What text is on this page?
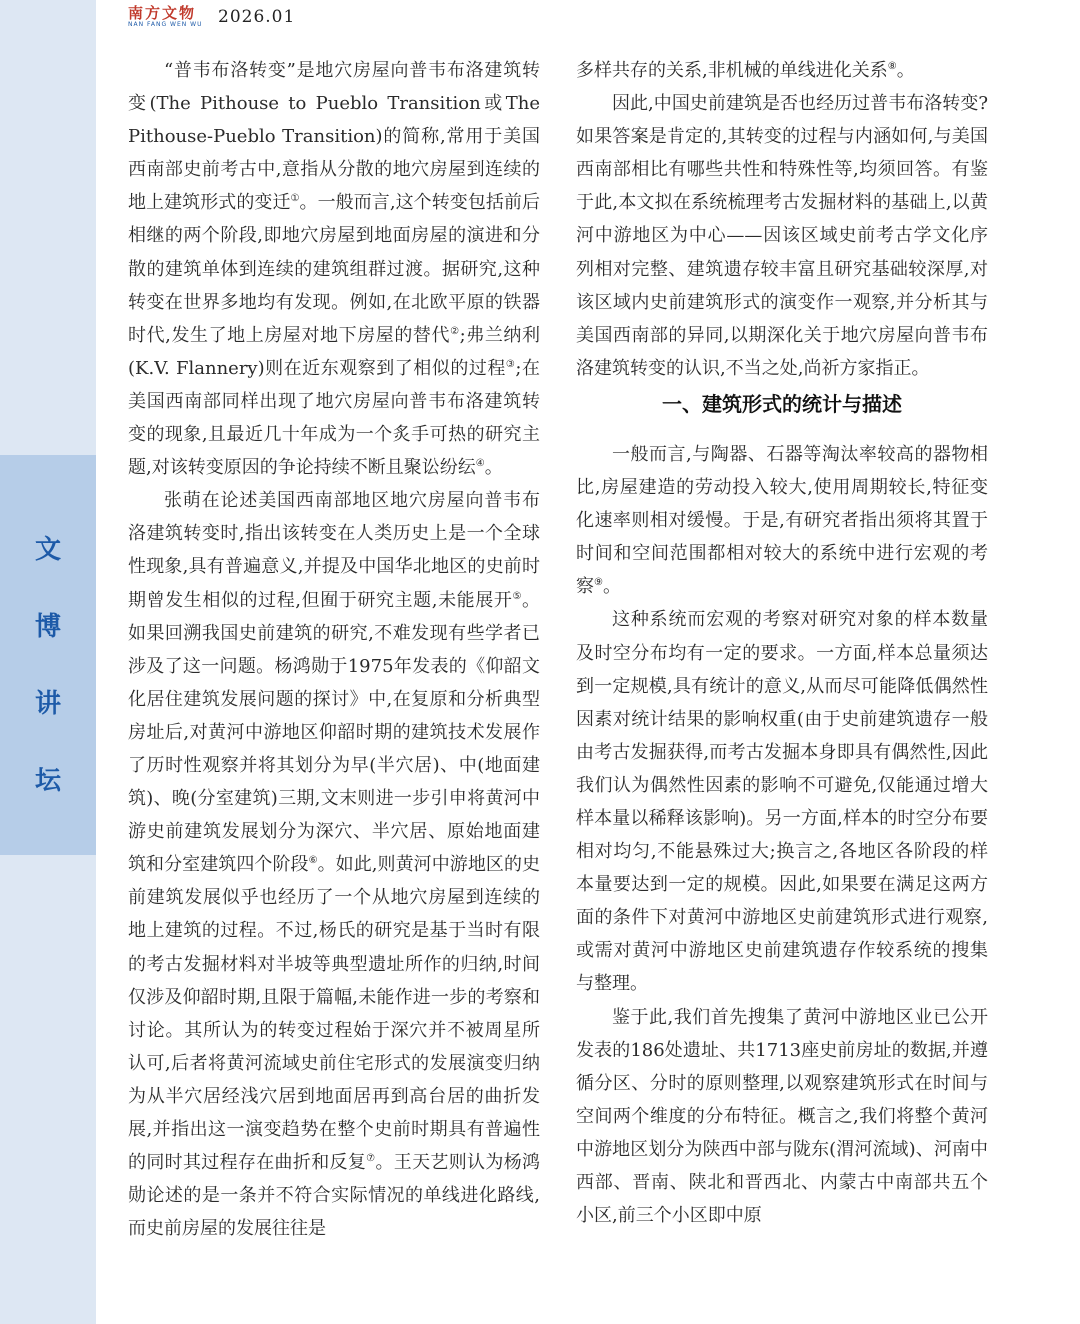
文
博
讲
坛
南方文物
NAN FANG WEN WU 2026.01

“普韦布洛转变”是地穴房屋向普韦布洛建筑转变(The Pithouse to Pueblo Transition或The Pithouse-Pueblo Transition)的简称,常用于美国西南部史前考古中,意指从分散的地穴房屋到连续的地上建筑形式的变迁①。一般而言,这个转变包括前后相继的两个阶段,即地穴房屋到地面房屋的演进和分散的建筑单体到连续的建筑组群过渡。据研究,这种转变在世界多地均有发现。例如,在北欧平原的铁器时代,发生了地上房屋对地下房屋的替代②;弗兰纳利(K.V. Flannery)则在近东观察到了相似的过程③;在美国西南部同样出现了地穴房屋向普韦布洛建筑转变的现象,且最近几十年成为一个炙手可热的研究主题,对该转变原因的争论持续不断且聚讼纷纭④。

张萌在论述美国西南部地区地穴房屋向普韦布洛建筑转变时,指出该转变在人类历史上是一个全球性现象,具有普遍意义,并提及中国华北地区的史前时期曾发生相似的过程,但囿于研究主题,未能展开⑤。如果回溯我国史前建筑的研究,不难发现有些学者已涉及了这一问题。杨鸿勋于1975年发表的《仰韶文化居住建筑发展问题的探讨》中,在复原和分析典型房址后,对黄河中游地区仰韶时期的建筑技术发展作了历时性观察并将其划分为早(半穴居)、中(地面建筑)、晚(分室建筑)三期,文末则进一步引申将黄河中游史前建筑发展划分为深穴、半穴居、原始地面建筑和分室建筑四个阶段⑥。如此,则黄河中游地区的史前建筑发展似乎也经历了一个从地穴房屋到连续的地上建筑的过程。不过,杨氏的研究是基于当时有限的考古发掘材料对半坡等典型遗址所作的归纳,时间仅涉及仰韶时期,且限于篇幅,未能作进一步的考察和讨论。其所认为的转变过程始于深穴并不被周星所认可,后者将黄河流域史前住宅形式的发展演变归纳为从半穴居经浅穴居到地面居再到高台居的曲折发展,并指出这一演变趋势在整个史前时期具有普遍性的同时其过程存在曲折和反复⑦。王天艺则认为杨鸿勋论述的是一条并不符合实际情况的单线进化路线,而史前房屋的发展往往是

多样共存的关系,非机械的单线进化关系⑧。

因此,中国史前建筑是否也经历过普韦布洛转变?如果答案是肯定的,其转变的过程与内涵如何,与美国西南部相比有哪些共性和特殊性等,均须回答。有鉴于此,本文拟在系统梳理考古发掘材料的基础上,以黄河中游地区为中心——因该区域史前考古学文化序列相对完整、建筑遗存较丰富且研究基础较深厚,对该区域内史前建筑形式的演变作一观察,并分析其与美国西南部的异同,以期深化关于地穴房屋向普韦布洛建筑转变的认识,不当之处,尚祈方家指正。

一、建筑形式的统计与描述

一般而言,与陶器、石器等淘汰率较高的器物相比,房屋建造的劳动投入较大,使用周期较长,特征变化速率则相对缓慢。于是,有研究者指出须将其置于时间和空间范围都相对较大的系统中进行宏观的考察⑨。

这种系统而宏观的考察对研究对象的样本数量及时空分布均有一定的要求。一方面,样本总量须达到一定规模,具有统计的意义,从而尽可能降低偶然性因素对统计结果的影响权重(由于史前建筑遗存一般由考古发掘获得,而考古发掘本身即具有偶然性,因此我们认为偶然性因素的影响不可避免,仅能通过增大样本量以稀释该影响)。另一方面,样本的时空分布要相对均匀,不能悬殊过大;换言之,各地区各阶段的样本量要达到一定的规模。因此,如果要在满足这两方面的条件下对黄河中游地区史前建筑形式进行观察,或需对黄河中游地区史前建筑遗存作较系统的搜集与整理。

鉴于此,我们首先搜集了黄河中游地区业已公开发表的186处遗址、共1713座史前房址的数据,并遵循分区、分时的原则整理,以观察建筑形式在时间与空间两个维度的分布特征。概言之,我们将整个黄河中游地区划分为陕西中部与陇东(渭河流域)、河南中西部、晋南、陕北和晋西北、内蒙古中南部共五个小区,前三个小区即中原
